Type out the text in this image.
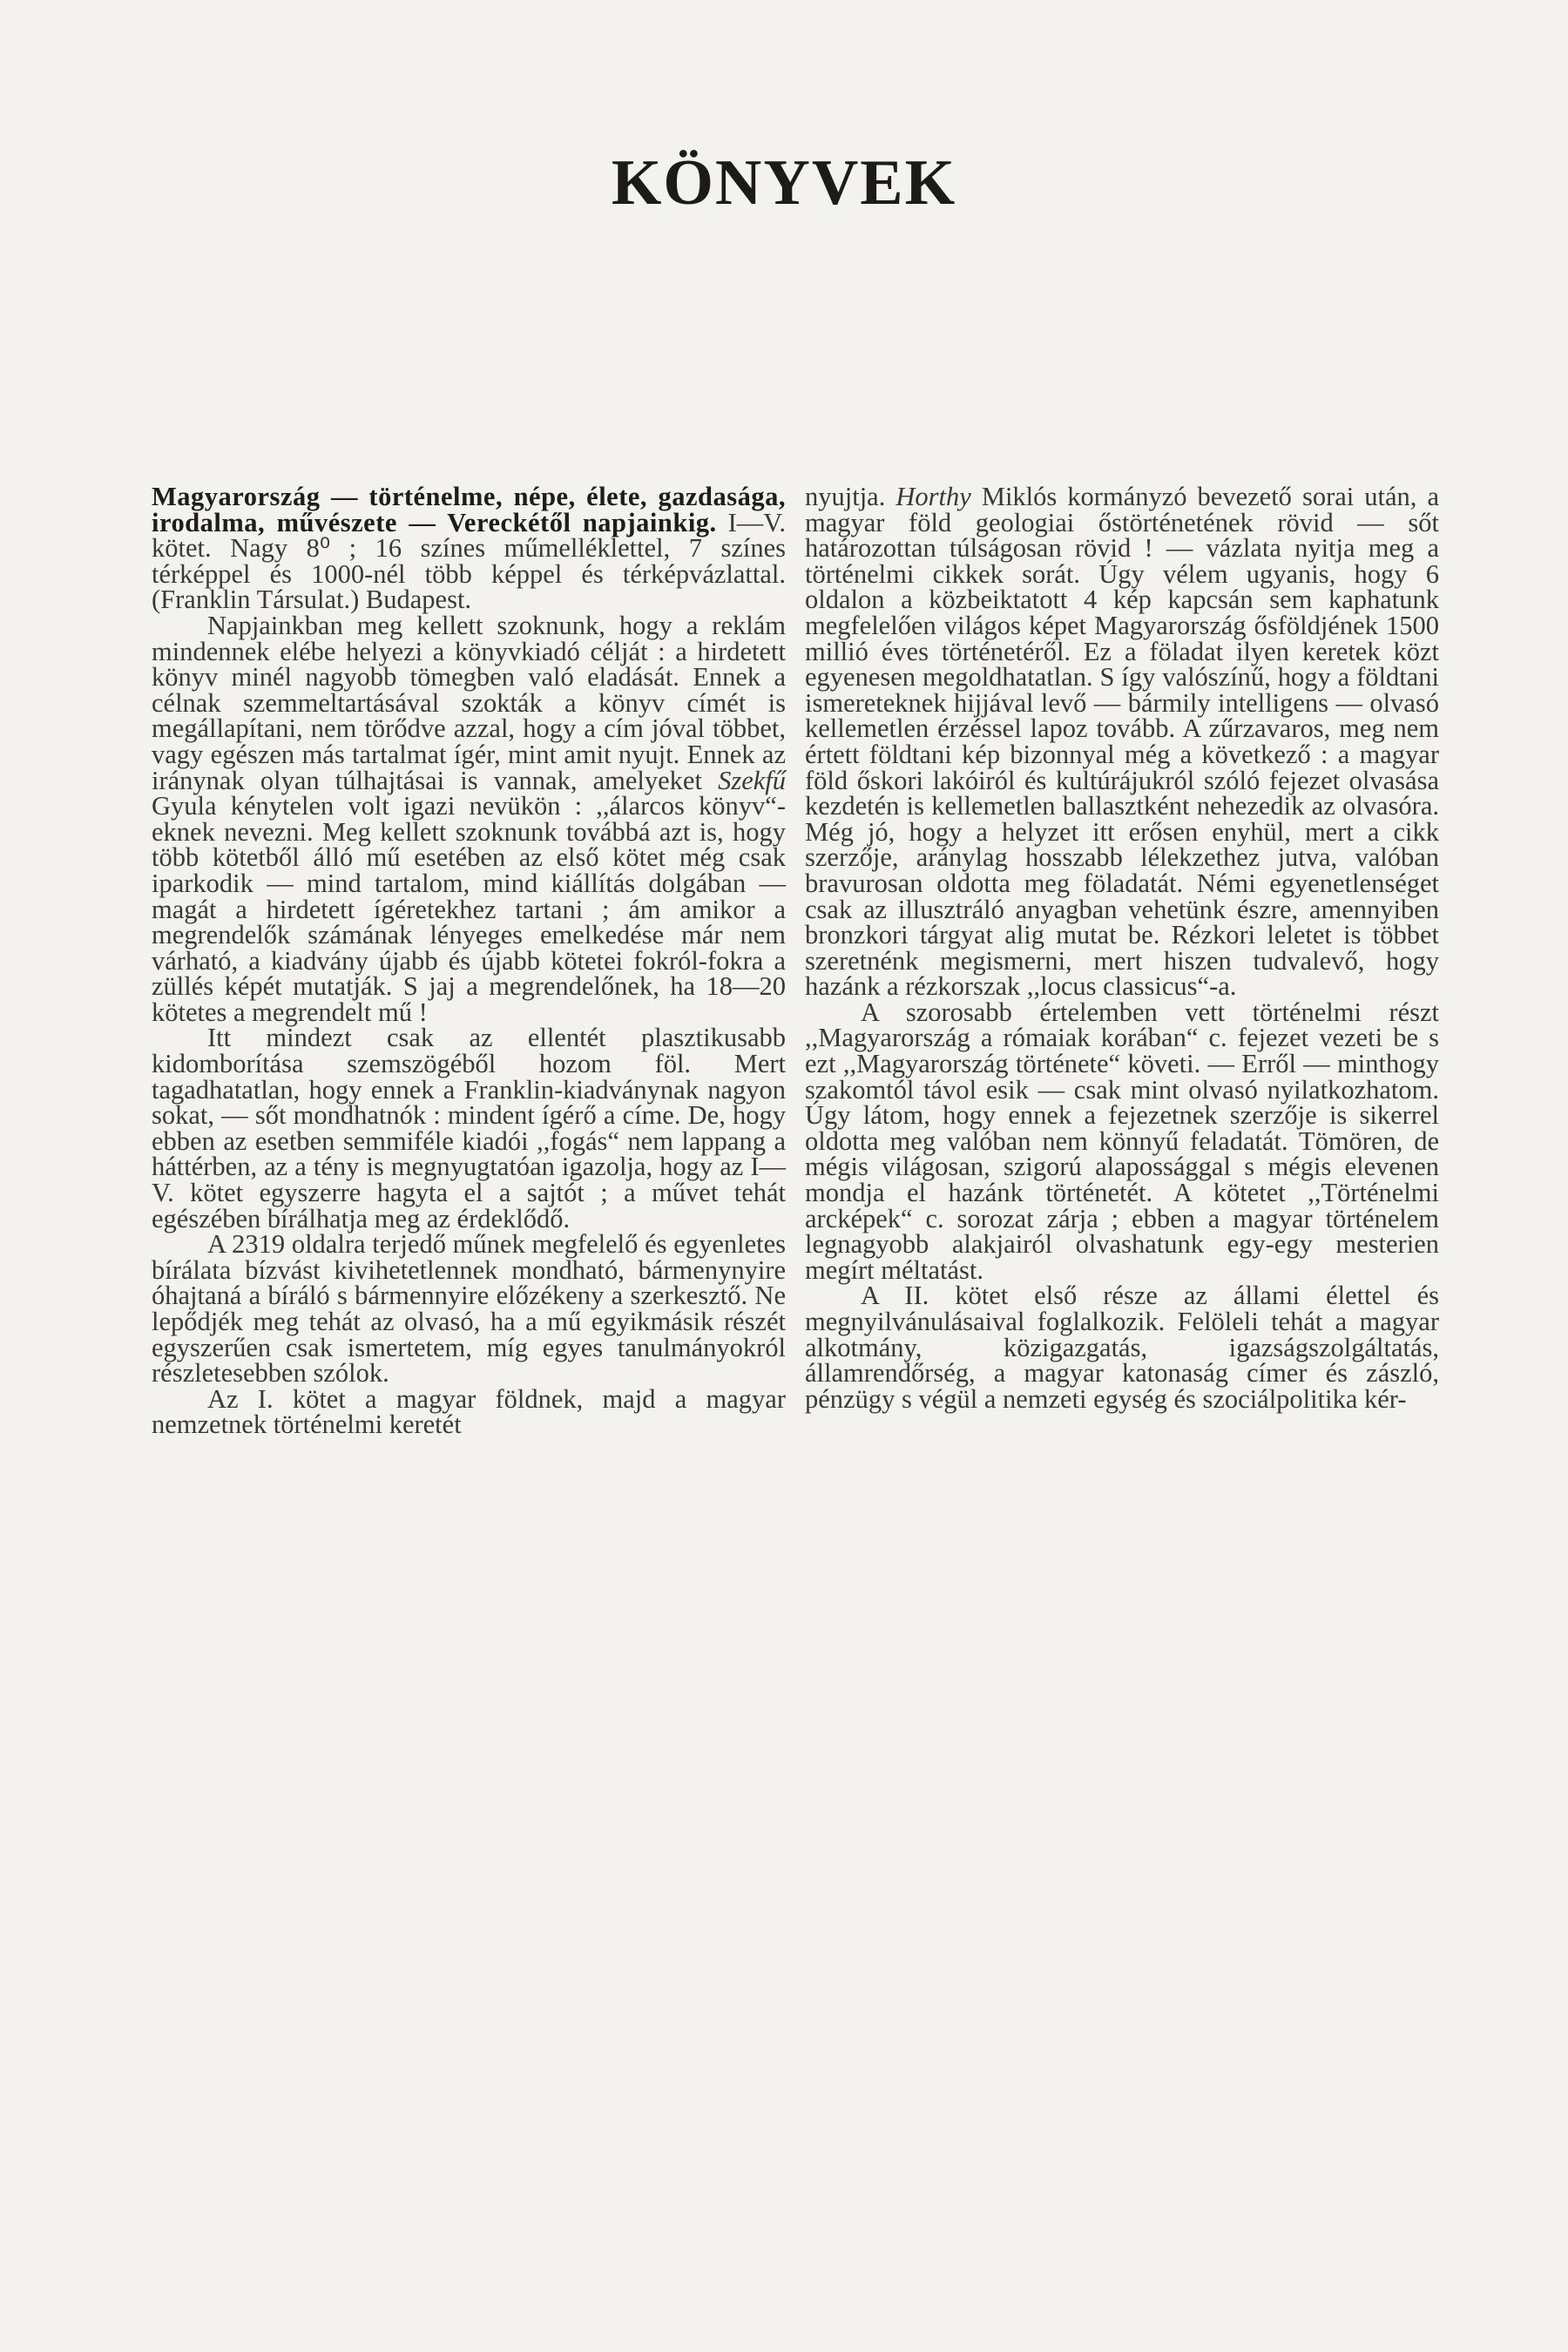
KÖNYVEK

Magyarország — történelme, népe, élete, gazdasága, irodalma, művészete — Vereckétől napjainkig. I—V. kötet. Nagy 8⁰ ; 16 színes műmelléklettel, 7 színes térképpel és 1000-nél több képpel és térképvázlattal. (Franklin Társulat.) Budapest.

Napjainkban meg kellett szoknunk, hogy a reklám mindennek elébe helyezi a könyvkiadó célját : a hirdetett könyv minél nagyobb tömegben való eladását. Ennek a célnak szemmeltartásával szokták a könyv címét is megállapítani, nem törődve azzal, hogy a cím jóval többet, vagy egészen más tartalmat ígér, mint amit nyujt. Ennek az iránynak olyan túlhajtásai is vannak, amelyeket Szekfű Gyula kénytelen volt igazi nevükön : ,,álarcos könyv“-eknek nevezni. Meg kellett szoknunk továbbá azt is, hogy több kötetből álló mű esetében az első kötet még csak iparkodik — mind tartalom, mind kiállítás dolgában — magát a hirdetett ígéretekhez tartani ; ám amikor a megrendelők számának lényeges emelkedése már nem várható, a kiadvány újabb és újabb kötetei fokról-fokra a züllés képét mutatják. S jaj a megrendelőnek, ha 18—20 kötetes a megrendelt mű !

Itt mindezt csak az ellentét plasztikusabb kidomborítása szemszögéből hozom föl. Mert tagadhatatlan, hogy ennek a Franklin-kiadványnak nagyon sokat, — sőt mondhatnók : mindent ígérő a címe. De, hogy ebben az esetben semmiféle kiadói ,,fogás“ nem lappang a háttérben, az a tény is megnyugtatóan igazolja, hogy az I—V. kötet egyszerre hagyta el a sajtót ; a művet tehát egészében bírálhatja meg az érdeklődő.

A 2319 oldalra terjedő műnek megfelelő és egyenletes bírálata bízvást kivihetetlennek mondható, bármenynyire óhajtaná a bíráló s bármennyire előzékeny a szerkesztő. Ne lepődjék meg tehát az olvasó, ha a mű egyikmásik részét egyszerűen csak ismertetem, míg egyes tanulmányokról részletesebben szólok.

Az I. kötet a magyar földnek, majd a magyar nemzetnek történelmi keretét

nyujtja. Horthy Miklós kormányzó bevezető sorai után, a magyar föld geologiai őstörténetének rövid — sőt határozottan túlságosan rövid ! — vázlata nyitja meg a történelmi cikkek sorát. Úgy vélem ugyanis, hogy 6 oldalon a közbeiktatott 4 kép kapcsán sem kaphatunk megfelelően világos képet Magyarország ősföldjének 1500 millió éves történetéről. Ez a föladat ilyen keretek közt egyenesen megoldhatatlan. S így valószínű, hogy a földtani ismereteknek hijjával levő — bármily intelligens — olvasó kellemetlen érzéssel lapoz tovább. A zűrzavaros, meg nem értett földtani kép bizonnyal még a következő : a magyar föld őskori lakóiról és kultúrájukról szóló fejezet olvasása kezdetén is kellemetlen ballasztként nehezedik az olvasóra. Még jó, hogy a helyzet itt erősen enyhül, mert a cikk szerzője, aránylag hosszabb lélekzethez jutva, valóban bravurosan oldotta meg föladatát. Némi egyenetlenséget csak az illusztráló anyagban vehetünk észre, amennyiben bronzkori tárgyat alig mutat be. Rézkori leletet is többet szeretnénk megismerni, mert hiszen tudvalevő, hogy hazánk a rézkorszak ,,locus classicus“-a.

A szorosabb értelemben vett történelmi részt ,,Magyarország a rómaiak korában“ c. fejezet vezeti be s ezt ,,Magyarország története“ követi. — Erről — minthogy szakomtól távol esik — csak mint olvasó nyilatkozhatom. Úgy látom, hogy ennek a fejezetnek szerzője is sikerrel oldotta meg valóban nem könnyű feladatát. Tömören, de mégis világosan, szigorú alapossággal s mégis elevenen mondja el hazánk történetét. A kötetet ,,Történelmi arcképek“ c. sorozat zárja ; ebben a magyar történelem legnagyobb alakjairól olvashatunk egy-egy mesterien megírt méltatást.

A II. kötet első része az állami élettel és megnyilvánulásaival foglalkozik. Felöleli tehát a magyar alkotmány, közigazgatás, igazságszolgáltatás, államrendőrség, a magyar katonaság címer és zászló, pénzügy s végül a nemzeti egység és szociálpolitika kér-
